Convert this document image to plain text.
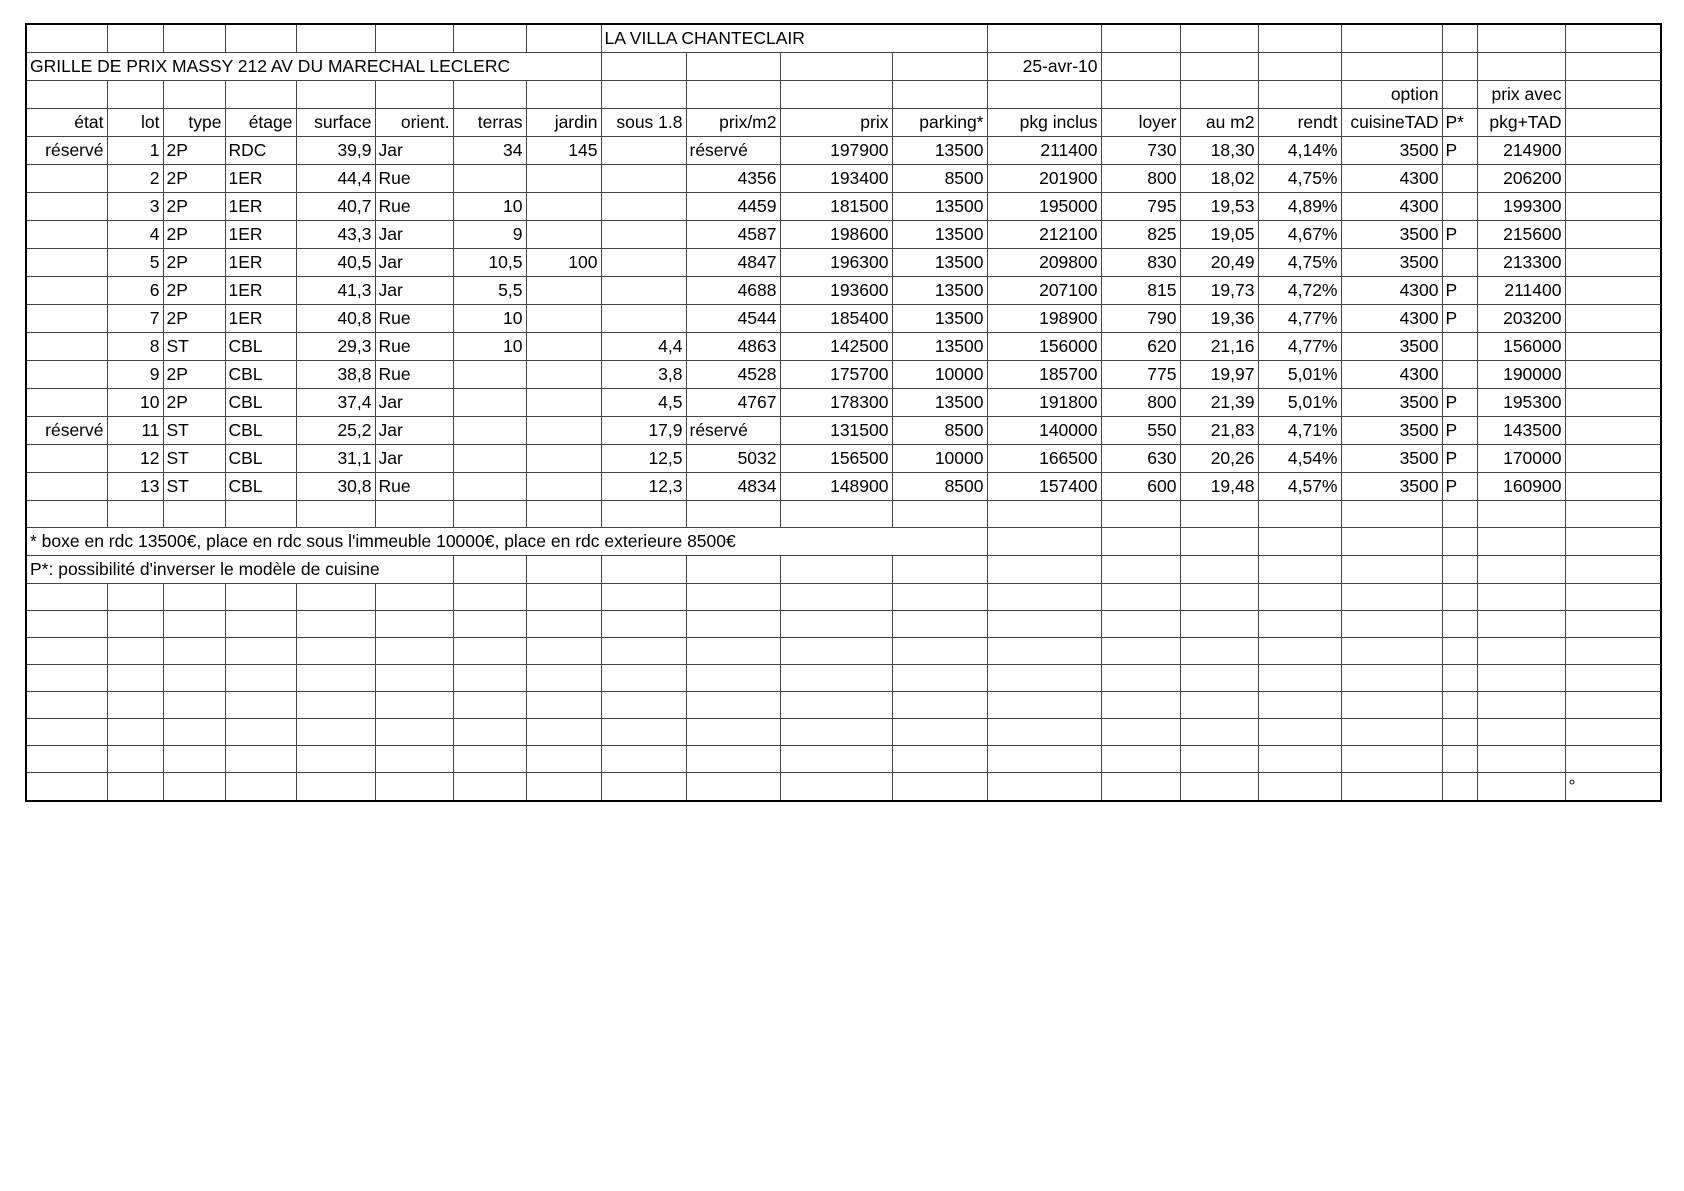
								LA VILLA CHANTECLAIR											
GRILLE DE PRIX MASSY 212 AV DU MARECHAL LECLERC												25-avr-10							
																option		prix avec	
état	lot	type	étage	surface	orient.	terras	jardin	sous 1.8	prix/m2	prix	parking*	pkg inclus	loyer	au m2	rendt	cuisineTAD	P*	pkg+TAD	
réservé	1	2P	RDC	39,9	Jar	34	145		réservé	197900	13500	211400	730	18,30	4,14%	3500	P	214900	
	2	2P	1ER	44,4	Rue				4356	193400	8500	201900	800	18,02	4,75%	4300		206200	
	3	2P	1ER	40,7	Rue	10			4459	181500	13500	195000	795	19,53	4,89%	4300		199300	
	4	2P	1ER	43,3	Jar	9			4587	198600	13500	212100	825	19,05	4,67%	3500	P	215600	
	5	2P	1ER	40,5	Jar	10,5	100		4847	196300	13500	209800	830	20,49	4,75%	3500		213300	
	6	2P	1ER	41,3	Jar	5,5			4688	193600	13500	207100	815	19,73	4,72%	4300	P	211400	
	7	2P	1ER	40,8	Rue	10			4544	185400	13500	198900	790	19,36	4,77%	4300	P	203200	
	8	ST	CBL	29,3	Rue	10		4,4	4863	142500	13500	156000	620	21,16	4,77%	3500		156000	
	9	2P	CBL	38,8	Rue			3,8	4528	175700	10000	185700	775	19,97	5,01%	4300		190000	
	10	2P	CBL	37,4	Jar			4,5	4767	178300	13500	191800	800	21,39	5,01%	3500	P	195300	
réservé	11	ST	CBL	25,2	Jar			17,9	réservé	131500	8500	140000	550	21,83	4,71%	3500	P	143500	
	12	ST	CBL	31,1	Jar			12,5	5032	156500	10000	166500	630	20,26	4,54%	3500	P	170000	
	13	ST	CBL	30,8	Rue			12,3	4834	148900	8500	157400	600	19,48	4,57%	3500	P	160900	

* boxe en rdc 13500€, place en rdc sous l'immeuble 10000€, place en rdc exterieure 8500€																			
P*: possibilité d'inverser le modèle de cuisine																			

																			°
